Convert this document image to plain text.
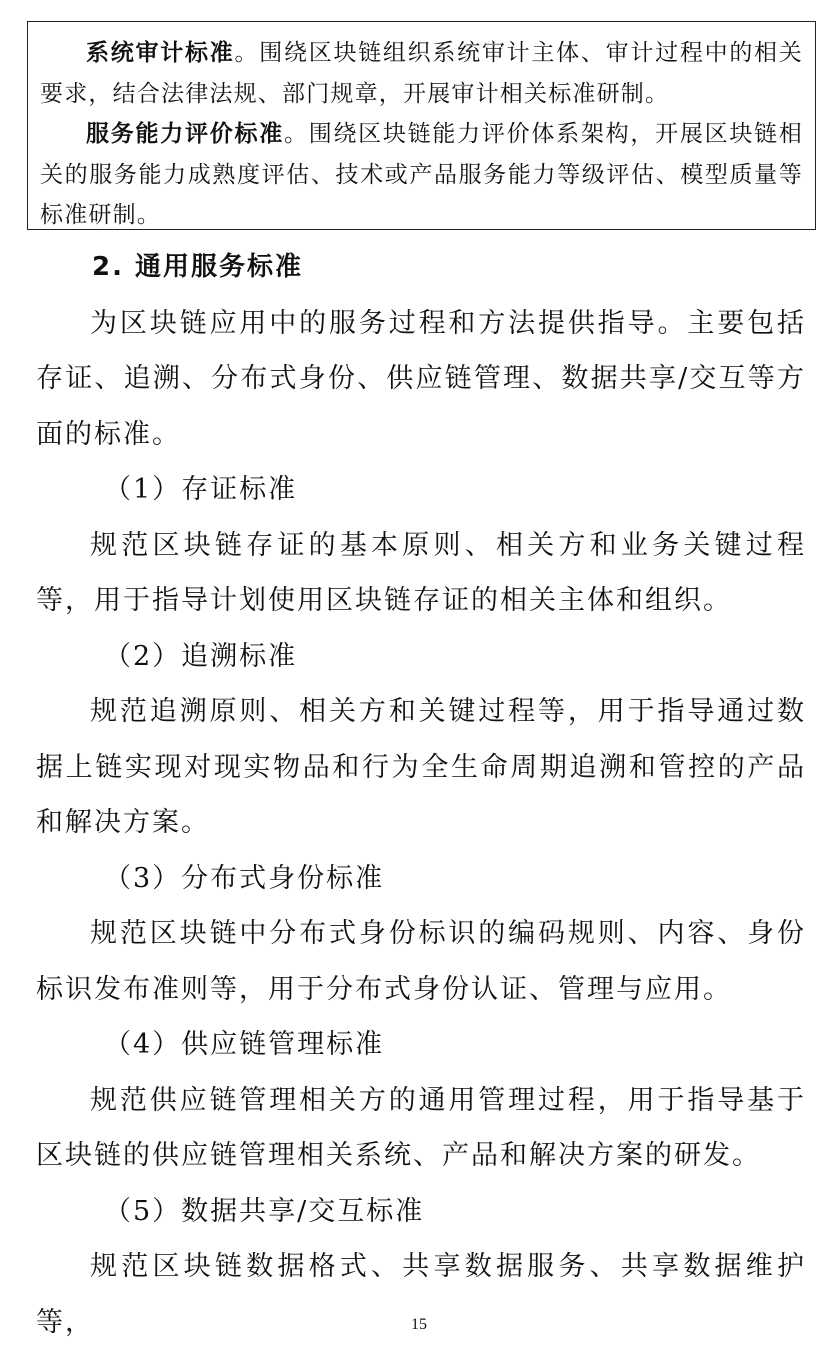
系统审计标准。围绕区块链组织系统审计主体、审计过程中的相关要求，结合法律法规、部门规章，开展审计相关标准研制。

服务能力评价标准。围绕区块链能力评价体系架构，开展区块链相关的服务能力成熟度评估、技术或产品服务能力等级评估、模型质量等标准研制。

2. 通用服务标准

为区块链应用中的服务过程和方法提供指导。主要包括存证、追溯、分布式身份、供应链管理、数据共享/交互等方面的标准。

（1）存证标准

规范区块链存证的基本原则、相关方和业务关键过程等，用于指导计划使用区块链存证的相关主体和组织。

（2）追溯标准

规范追溯原则、相关方和关键过程等，用于指导通过数据上链实现对现实物品和行为全生命周期追溯和管控的产品和解决方案。

（3）分布式身份标准

规范区块链中分布式身份标识的编码规则、内容、身份标识发布准则等，用于分布式身份认证、管理与应用。

（4）供应链管理标准

规范供应链管理相关方的通用管理过程，用于指导基于区块链的供应链管理相关系统、产品和解决方案的研发。

（5）数据共享/交互标准

规范区块链数据格式、共享数据服务、共享数据维护等，	15
